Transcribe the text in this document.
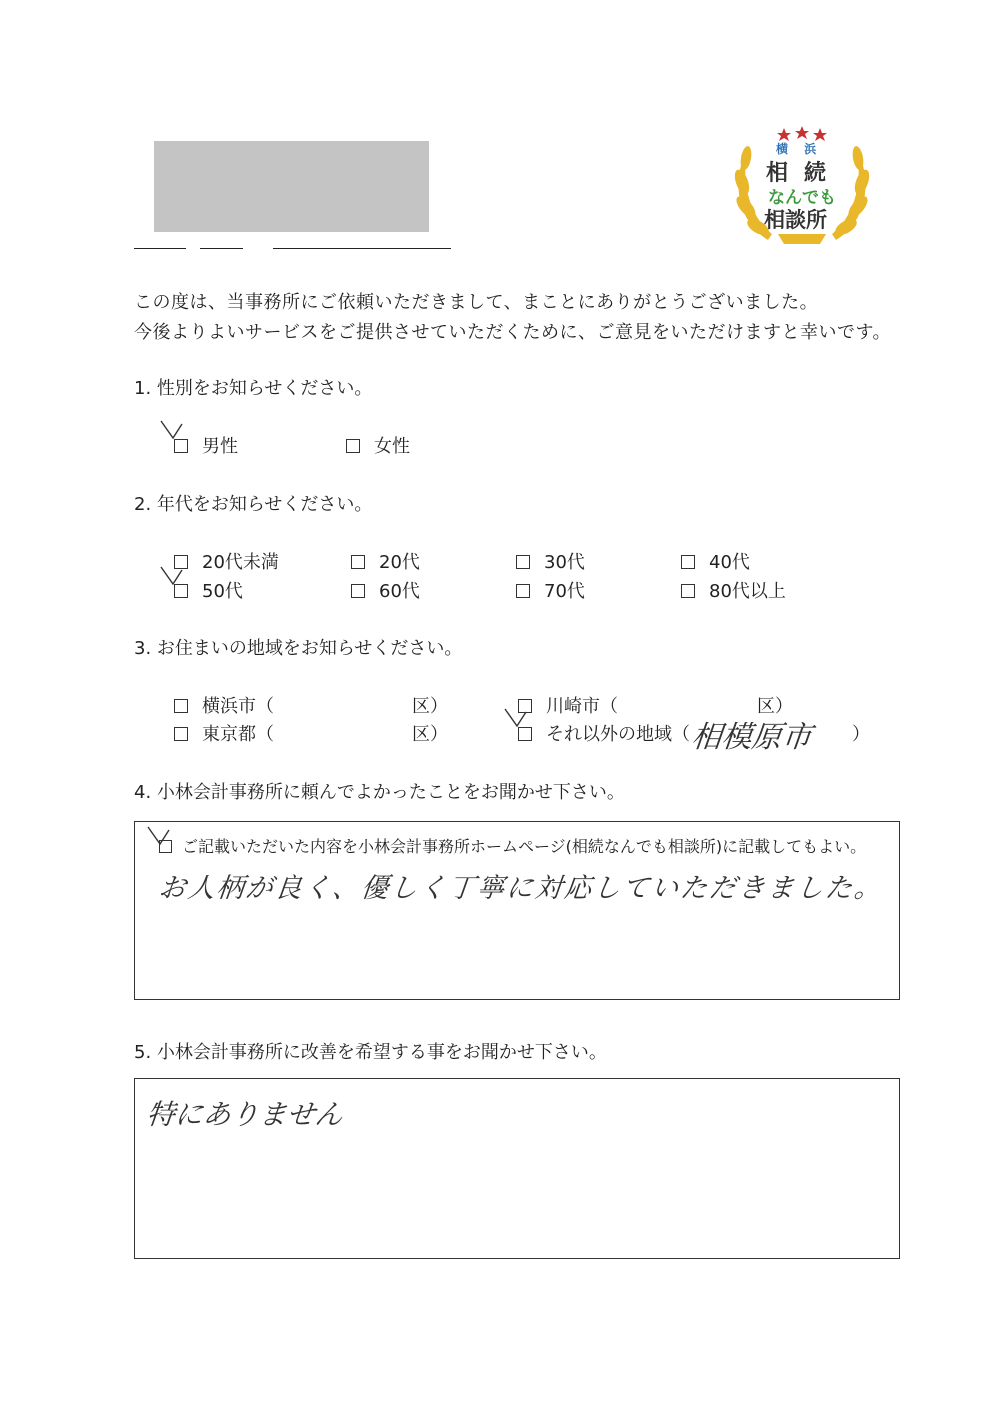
横 浜
相続
なんでも
相談所
この度は、当事務所にご依頼いただきまして、まことにありがとうございました。
今後よりよいサービスをご提供させていただくために、ご意見をいただけますと幸いです。
1. 性別をお知らせください。
男性	女性
2. 年代をお知らせください。
20代未満	20代	30代	40代
50代	60代	70代	80代以上
3. お住まいの地域をお知らせください。
横浜市（	区）	川崎市（	区）
東京都（	区）	それ以外の地域（ 相模原市 ）
4. 小林会計事務所に頼んでよかったことをお聞かせ下さい。
ご記載いただいた内容を小林会計事務所ホームページ(相続なんでも相談所)に記載してもよい。
お人柄が良く、優しく丁寧に対応していただきました。
5. 小林会計事務所に改善を希望する事をお聞かせ下さい。
特にありません
